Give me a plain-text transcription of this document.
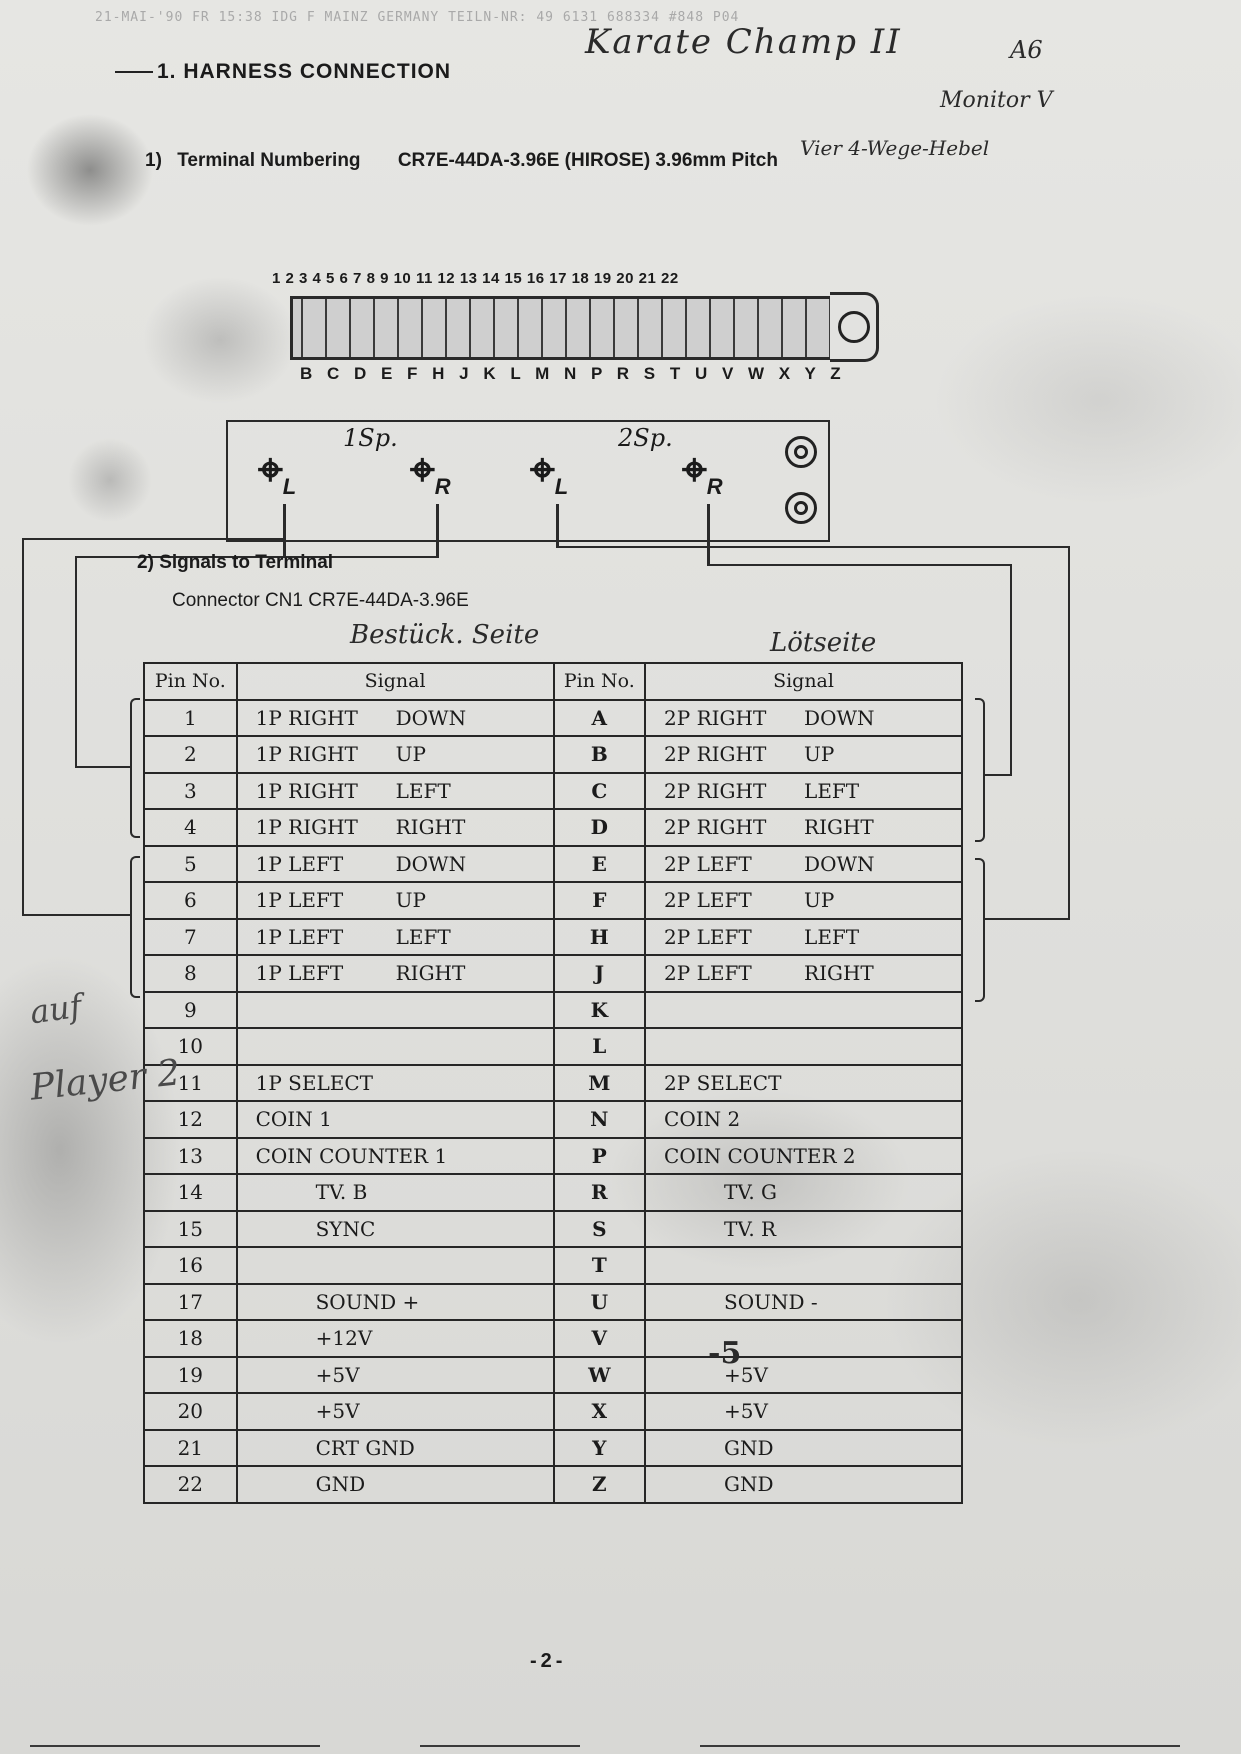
21-MAI-'90 FR 15:38 IDG F MAINZ GERMANY TEILN-NR: 49 6131 688334 #848 P04
Karate Champ II	A6
Monitor V
Vier 4-Wege-Hebel
1. HARNESS CONNECTION
1) Terminal Numbering CR7E-44DA-3.96E (HIROSE) 3.96mm Pitch
1 2 3 4 5 6 7 8 9 10 11 12 13 14 15 16 17 18 19 20 21 22
B C D E F H J K L M N P R S T U V W X Y Z
1Sp.	2Sp.
$⌖_L$	$⌖_R$ $⌖_L$	$⌖_R$
2) Signals to Terminal
Connector CN1 CR7E-44DA-3.96E
Bestück. Seite	Lötseite
Pin No.	Signal	Pin No.	Signal
1	1P RIGHT DOWN	A	2P RIGHT DOWN
2	1P RIGHT UP	B	2P RIGHT UP
3	1P RIGHT LEFT	C	2P RIGHT LEFT
4	1P RIGHT RIGHT	D	2P RIGHT RIGHT
5	1P LEFT DOWN	E	2P LEFT DOWN
6	1P LEFT UP	F	2P LEFT UP
7	1P LEFT LEFT	H	2P LEFT LEFT
8	1P LEFT RIGHT	J	2P LEFT RIGHT
9		K	
10		L	
11	1P SELECT	M	2P SELECT
12	COIN 1	N	COIN 2
13	COIN COUNTER 1	P	COIN COUNTER 2
14	TV. B	R	TV. G
15	SYNC	S	TV. R
16		T	
17	SOUND +	U	SOUND -
18	+12V	V	
19	+5V	W	+5V
20	+5V	X	+5V
21	CRT GND	Y	GND
22	GND	Z	GND
auf
Player 2
-5
-2-
